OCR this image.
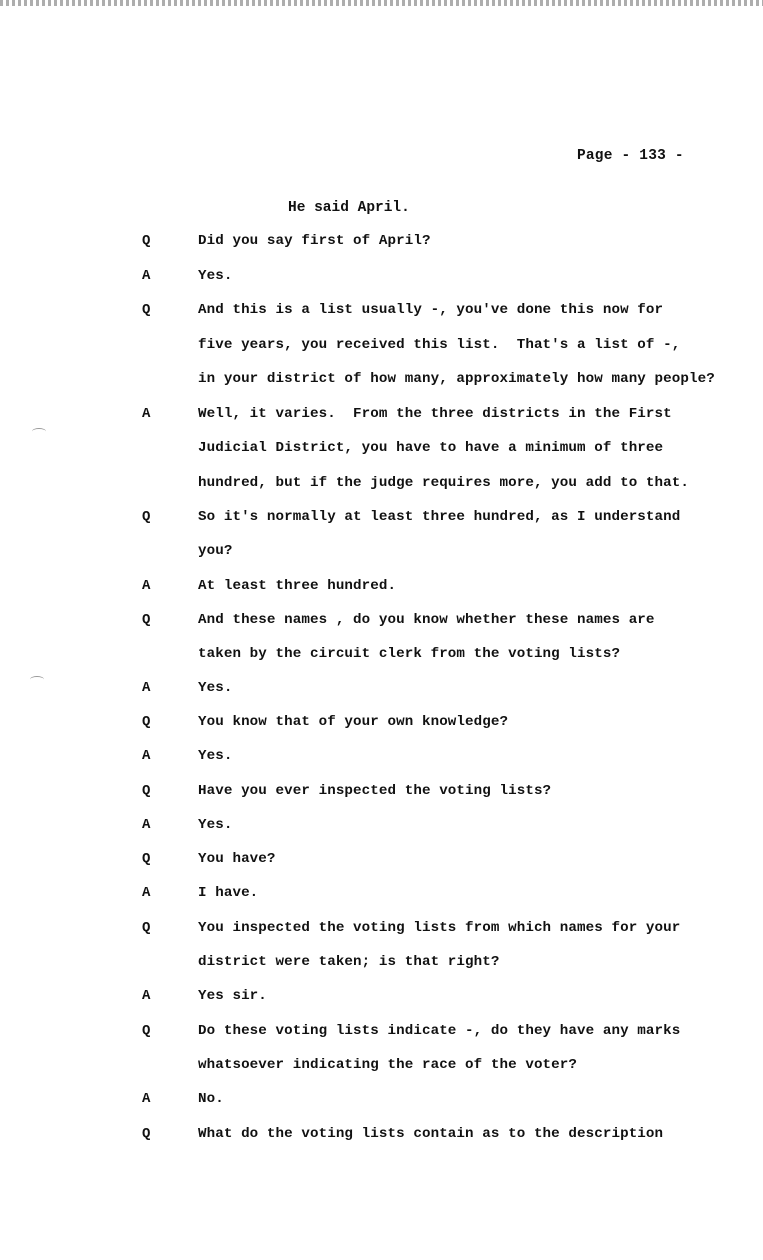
Page - 133 -
He said April.
Q	Did you say first of April?
A	Yes.
Q	And this is a list usually -, you've done this now for
five years, you received this list.  That's a list of -,
in your district of how many, approximately how many people?
A	Well, it varies.  From the three districts in the First
Judicial District, you have to have a minimum of three
hundred, but if the judge requires more, you add to that.
Q	So it's normally at least three hundred, as I understand
you?
A	At least three hundred.
Q	And these names , do you know whether these names are
taken by the circuit clerk from the voting lists?
A	Yes.
Q	You know that of your own knowledge?
A	Yes.
Q	Have you ever inspected the voting lists?
A	Yes.
Q	You have?
A	I have.
Q	You inspected the voting lists from which names for your
district were taken; is that right?
A	Yes sir.
Q	Do these voting lists indicate -, do they have any marks
whatsoever indicating the race of the voter?
A	No.
Q	What do the voting lists contain as to the description
